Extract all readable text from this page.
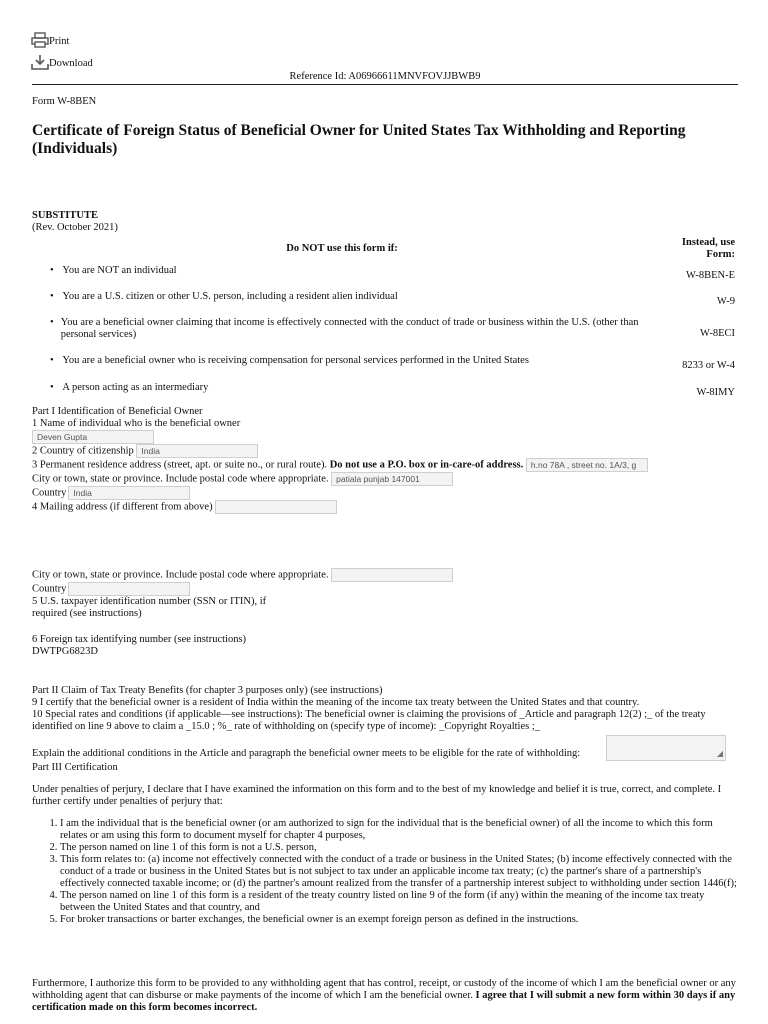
Print
Download
Reference Id: A06966611MNVFOVJJBWB9
Form W-8BEN
Certificate of Foreign Status of Beneficial Owner for United States Tax Withholding and Reporting (Individuals)
SUBSTITUTE
(Rev. October 2021)
Do NOT use this form if:
Instead, use Form:
• You are NOT an individual	W-8BEN-E
• You are a U.S. citizen or other U.S. person, including a resident alien individual	W-9
• You are a beneficial owner claiming that income is effectively connected with the conduct of trade or business within the U.S. (other than personal services)	W-8ECI
• You are a beneficial owner who is receiving compensation for personal services performed in the United States	8233 or W-4
• A person acting as an intermediary	W-8IMY
Part I Identification of Beneficial Owner
1 Name of individual who is the beneficial owner
Deven Gupta
2 Country of citizenship India
3 Permanent residence address (street, apt. or suite no., or rural route). Do not use a P.O. box or in-care-of address. h.no 78A , street no. 1A/3, g
City or town, state or province. Include postal code where appropriate. patiala punjab 147001
Country India
4 Mailing address (if different from above)
City or town, state or province. Include postal code where appropriate.
Country
5 U.S. taxpayer identification number (SSN or ITIN), if
required (see instructions)
6 Foreign tax identifying number (see instructions)
DWTPG6823D
Part II Claim of Tax Treaty Benefits (for chapter 3 purposes only) (see instructions)
9 I certify that the beneficial owner is a resident of India within the meaning of the income tax treaty between the United States and that country.
10 Special rates and conditions (if applicable—see instructions): The beneficial owner is claiming the provisions of _Article and paragraph 12(2) ;_ of the treaty
identified on line 9 above to claim a _15.0 ; %_ rate of withholding on (specify type of income): _Copyright Royalties ;_
Explain the additional conditions in the Article and paragraph the beneficial owner meets to be eligible for the rate of withholding:	◢
Part III Certification
Under penalties of perjury, I declare that I have examined the information on this form and to the best of my knowledge and belief it is true, correct, and complete. I further certify under penalties of perjury that:
1. I am the individual that is the beneficial owner (or am authorized to sign for the individual that is the beneficial owner) of all the income to which this form relates or am using this form to document myself for chapter 4 purposes,
2. The person named on line 1 of this form is not a U.S. person,
3. This form relates to: (a) income not effectively connected with the conduct of a trade or business in the United States; (b) income effectively connected with the conduct of a trade or business in the United States but is not subject to tax under an applicable income tax treaty; (c) the partner's share of a partnership's effectively connected taxable income; or (d) the partner's amount realized from the transfer of a partnership interest subject to withholding under section 1446(f);
4. The person named on line 1 of this form is a resident of the treaty country listed on line 9 of the form (if any) within the meaning of the income tax treaty between the United States and that country, and
5. For broker transactions or barter exchanges, the beneficial owner is an exempt foreign person as defined in the instructions.
Furthermore, I authorize this form to be provided to any withholding agent that has control, receipt, or custody of the income of which I am the beneficial owner or any withholding agent that can disburse or make payments of the income of which I am the beneficial owner. I agree that I will submit a new form within 30 days if any certification made on this form becomes incorrect.
